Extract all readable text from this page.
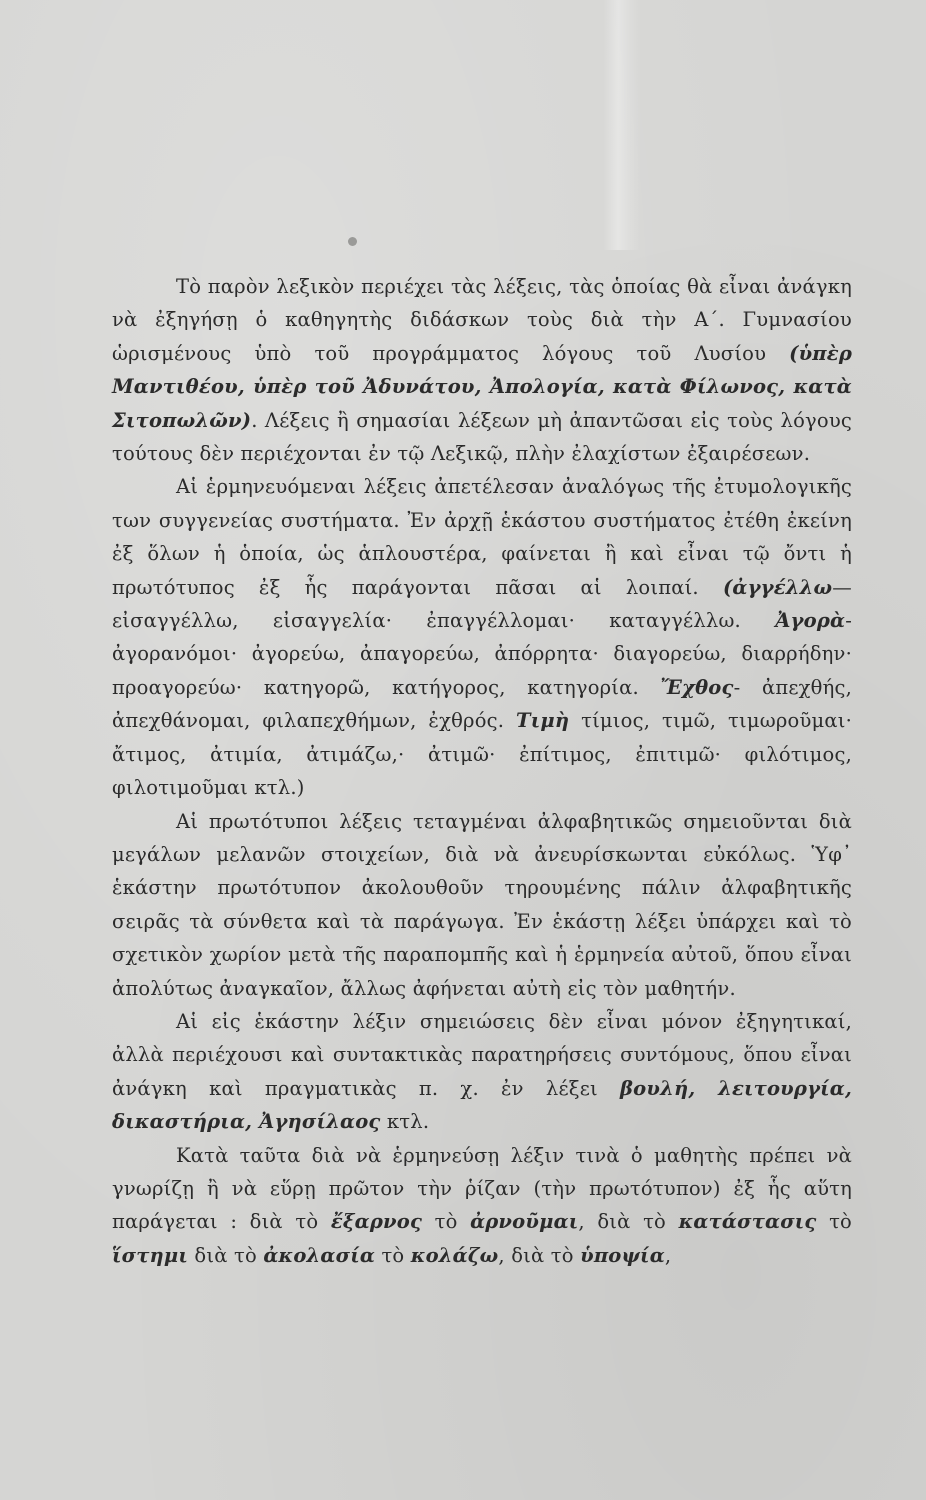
Τὸ παρὸν λεξικὸν περιέχει τὰς λέξεις, τὰς ὁποίας θὰ εἶναι ἀνάγκη νὰ ἐξηγήσῃ ὁ καθηγητὴς διδάσκων τοὺς διὰ τὴν Α΄. Γυμνασίου ὡρισμένους ὑπὸ τοῦ προγράμματος λόγους τοῦ Λυσίου (ὑπὲρ Μαντιθέου, ὑπὲρ τοῦ Ἀδυνάτου, Ἀπολογία, κατὰ Φίλωνος, κατὰ Σιτοπωλῶν). Λέξεις ἢ σημασίαι λέξεων μὴ ἀπαντῶσαι εἰς τοὺς λόγους τούτους δὲν περιέχονται ἐν τῷ Λεξικῷ, πλὴν ἐλαχίστων ἐξαιρέσεων.

Αἱ ἑρμηνευόμεναι λέξεις ἀπετέλεσαν ἀναλόγως τῆς ἐτυμολογικῆς των συγγενείας συστήματα. Ἐν ἀρχῇ ἑκάστου συστήματος ἐτέθη ἐκείνη ἐξ ὅλων ἡ ὁποία, ὡς ἁπλουστέρα, φαίνεται ἢ καὶ εἶναι τῷ ὄντι ἡ πρωτότυπος ἐξ ἧς παράγονται πᾶσαι αἱ λοιπαί. (ἀγγέλλω—εἰσαγγέλλω, εἰσαγγελία· ἐπαγγέλλομαι· καταγγέλλω. Ἀγορὰ- ἀγορανόμοι· ἀγορεύω, ἀπαγορεύω, ἀπόρρητα· διαγορεύω, διαρρήδην· προαγορεύω· κατηγορῶ, κατήγορος, κατηγορία. Ἔχθος- ἀπεχθής, ἀπεχθάνομαι, φιλαπεχθήμων, ἐχθρός. Τιμὴ τίμιος, τιμῶ, τιμωροῦμαι· ἄτιμος, ἀτιμία, ἀτιμάζω,· ἀτιμῶ· ἐπίτιμος, ἐπιτιμῶ· φιλότιμος, φιλοτιμοῦμαι κτλ.)

Αἱ πρωτότυποι λέξεις τεταγμέναι ἀλφαβητικῶς σημειοῦνται διὰ μεγάλων μελανῶν στοιχείων, διὰ νὰ ἀνευρίσκωνται εὐκόλως. Ὑφ᾽ ἑκάστην πρωτότυπον ἀκολουθοῦν τηρουμένης πάλιν ἀλφαβητικῆς σειρᾶς τὰ σύνθετα καὶ τὰ παράγωγα. Ἐν ἑκάστῃ λέξει ὑπάρχει καὶ τὸ σχετικὸν χωρίον μετὰ τῆς παραπομπῆς καὶ ἡ ἑρμηνεία αὐτοῦ, ὅπου εἶναι ἀπολύτως ἀναγκαῖον, ἄλλως ἀφήνεται αὐτὴ εἰς τὸν μαθητήν.

Αἱ εἰς ἑκάστην λέξιν σημειώσεις δὲν εἶναι μόνον ἐξηγητικαί, ἀλλὰ περιέχουσι καὶ συντακτικὰς παρατηρήσεις συντόμους, ὅπου εἶναι ἀνάγκη καὶ πραγματικὰς π. χ. ἐν λέξει βουλή, λειτουργία, δικαστήρια, Ἀγησίλαος κτλ.

Κατὰ ταῦτα διὰ νὰ ἑρμηνεύσῃ λέξιν τινὰ ὁ μαθητὴς πρέπει νὰ γνωρίζῃ ἢ νὰ εὕρῃ πρῶτον τὴν ῥίζαν (τὴν πρωτότυπον) ἐξ ἧς αὕτη παράγεται : διὰ τὸ ἔξαρνος τὸ ἀρνοῦμαι, διὰ τὸ κατάστασις τὸ ἵστημι διὰ τὸ ἀκολασία τὸ κολάζω, διὰ τὸ ὑποψία,
